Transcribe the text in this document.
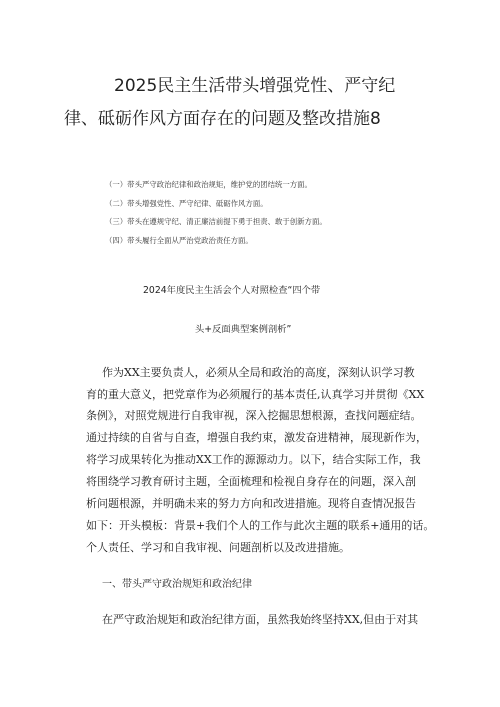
2025民主生活带头增强党性、严守纪
律、砥砺作风方面存在的问题及整改措施8
（一）带头严守政治纪律和政治规矩，维护党的团结统一方面。
（二）带头增强党性、严守纪律、砥砺作风方面。
（三）带头在遵规守纪、清正廉洁前提下勇于担责、敢于创新方面。
（四）带头履行全面从严治党政治责任方面。
2024年度民主生活会个人对照检查“四个带
头+反面典型案例剖析”
作为XX主要负责人，必须从全局和政治的高度，深刻认识学习教
育的重大意义，把党章作为必须履行的基本责任,认真学习并贯彻《XX
条例》，对照党规进行自我审视，深入挖掘思想根源，查找问题症结。
通过持续的自省与自查，增强自我约束，激发奋进精神，展现新作为，
将学习成果转化为推动XX工作的源源动力。以下，结合实际工作，我
将围绕学习教育研讨主题，全面梳理和检视自身存在的问题，深入剖
析问题根源，并明确未来的努力方向和改进措施。现将自查情况报告
如下：开头模板：背景+我们个人的工作与此次主题的联系+通用的话。
个人责任、学习和自我审视、问题剖析以及改进措施。
一、带头严守政治规矩和政治纪律
在严守政治规矩和政治纪律方面，虽然我始终坚持XX,但由于对其
